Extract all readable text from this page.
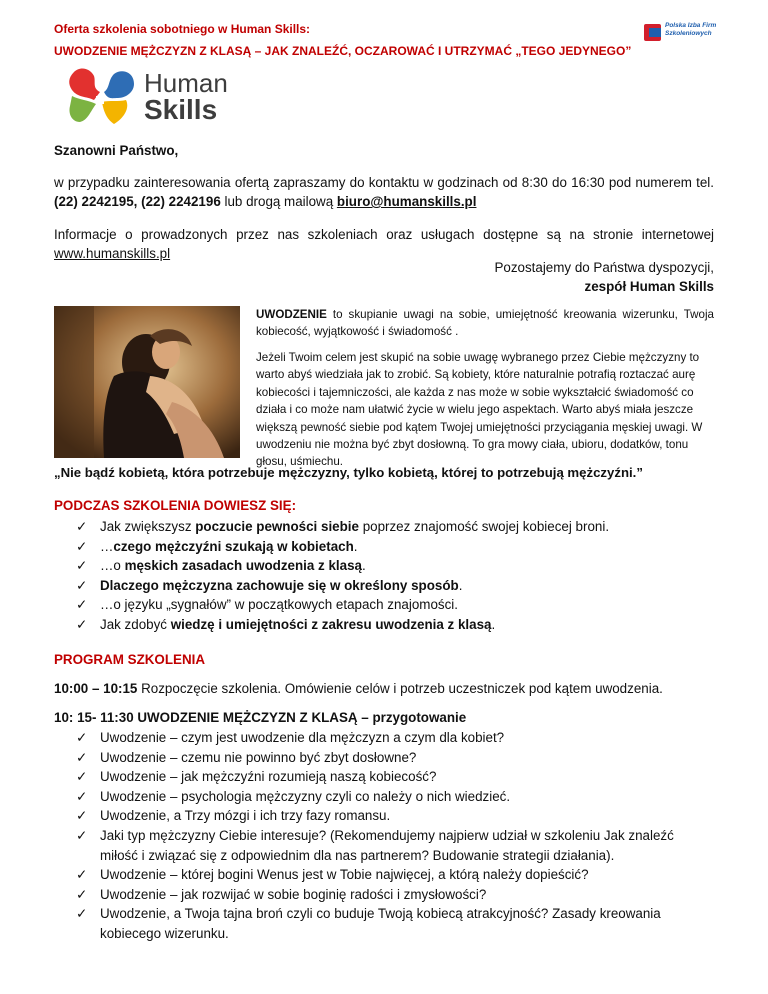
Oferta szkolenia sobotniego w Human Skills:
UWODZENIE MĘŻCZYZN Z KLASĄ – JAK ZNALEŹĆ, OCZAROWAĆ I UTRZYMAĆ „TEGO JEDYNEGO”
Polska Izba Firm Szkoleniowych
Human
Skills
Szanowni Państwo,
w przypadku zainteresowania ofertą zapraszamy do kontaktu w godzinach od 8:30 do 16:30 pod numerem tel. (22) 2242195, (22) 2242196 lub drogą mailową biuro@humanskills.pl
Informacje o prowadzonych przez nas szkoleniach oraz usługach dostępne są na stronie internetowej www.humanskills.pl
Pozostajemy do Państwa dyspozycji,
zespół Human Skills
UWODZENIE to skupianie uwagi na sobie, umiejętność kreowania wizerunku, Twoja kobiecość, wyjątkowość i świadomość .
Jeżeli Twoim celem jest skupić na sobie uwagę wybranego przez Ciebie mężczyzny to warto abyś wiedziała jak to zrobić. Są kobiety, które naturalnie potrafią roztaczać aurę kobiecości i tajemniczości, ale każda z nas może w sobie wykształcić świadomość co działa i co może nam ułatwić życie w wielu jego aspektach. Warto abyś miała jeszcze większą pewność siebie pod kątem Twojej umiejętności przyciągania męskiej uwagi. W uwodzeniu nie można być zbyt dosłowną. To gra mowy ciała, ubioru, dodatków, tonu głosu, uśmiechu.
„Nie bądź kobietą, która potrzebuje mężczyzny, tylko kobietą, której to potrzebują mężczyźni.”
PODCZAS SZKOLENIA DOWIESZ SIĘ:
✓ Jak zwiększysz poczucie pewności siebie poprzez znajomość swojej kobiecej broni.
✓ …czego mężczyźni szukają w kobietach.
✓ …o męskich zasadach uwodzenia z klasą.
✓ Dlaczego mężczyzna zachowuje się w określony sposób.
✓ …o języku „sygnałów” w początkowych etapach znajomości.
✓ Jak zdobyć wiedzę i umiejętności z zakresu uwodzenia z klasą.
PROGRAM SZKOLENIA
10:00 – 10:15 Rozpoczęcie szkolenia. Omówienie celów i potrzeb uczestniczek pod kątem uwodzenia.
10: 15- 11:30 UWODZENIE MĘŻCZYZN Z KLASĄ – przygotowanie
✓ Uwodzenie – czym jest uwodzenie dla mężczyzn a czym dla kobiet?
✓ Uwodzenie – czemu nie powinno być zbyt dosłowne?
✓ Uwodzenie – jak mężczyźni rozumieją naszą kobiecość?
✓ Uwodzenie – psychologia mężczyzny czyli co należy o nich wiedzieć.
✓ Uwodzenie, a Trzy mózgi i ich trzy fazy romansu.
✓ Jaki typ mężczyzny Ciebie interesuje? (Rekomendujemy najpierw udział w szkoleniu Jak znaleźć miłość i związać się z odpowiednim dla nas partnerem? Budowanie strategii działania).
✓ Uwodzenie – której bogini Wenus jest w Tobie najwięcej, a którą należy dopieścić?
✓ Uwodzenie – jak rozwijać w sobie boginię radości i zmysłowości?
✓ Uwodzenie, a Twoja tajna broń czyli co buduje Twoją kobiecą atrakcyjność? Zasady kreowania kobiecego wizerunku.
